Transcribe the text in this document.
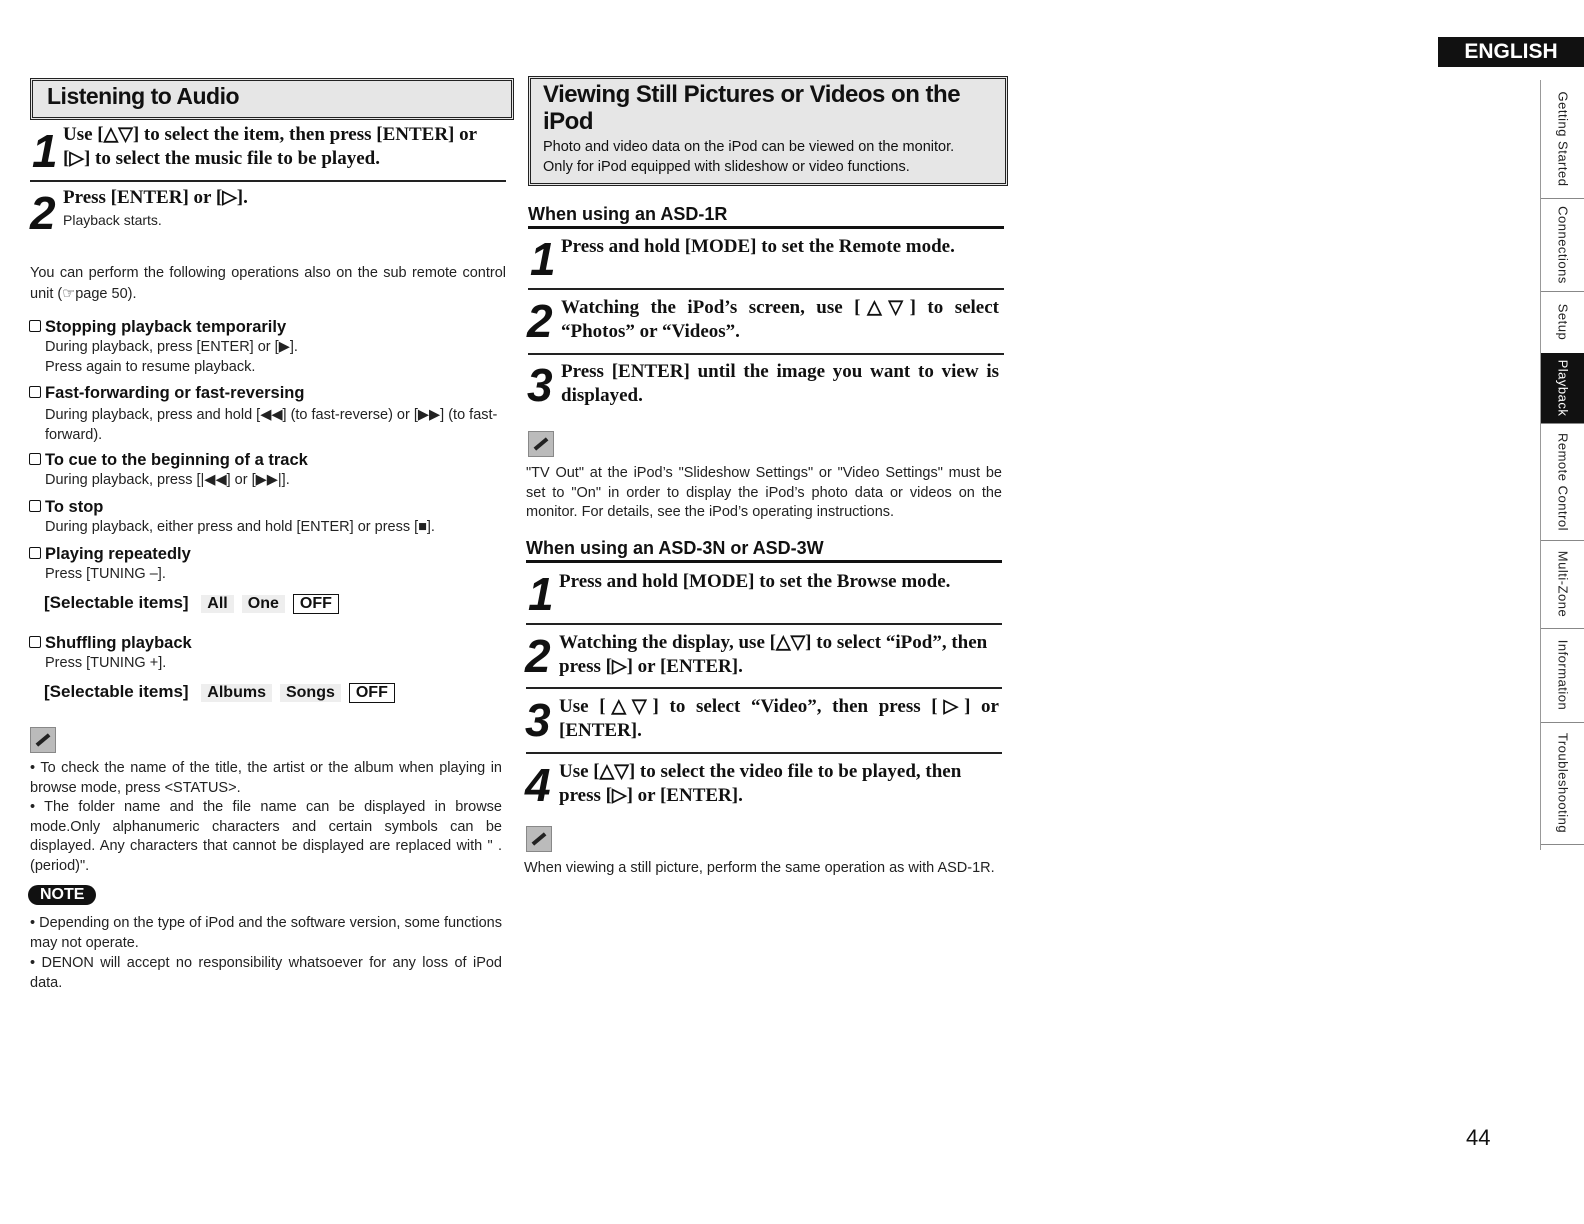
ENGLISH
Getting Started
Connections
Setup
Playback
Remote Control
Multi-Zone
Information
Troubleshooting
Listening to Audio
1 Use [△▽] to select the item, then press [ENTER] or [▷] to select the music file to be played.
2 Press [ENTER] or [▷].
Playback starts.
You can perform the following operations also on the sub remote control unit (☞page 50).
Stopping playback temporarily
During playback, press [ENTER] or [▶].
Press again to resume playback.
Fast-forwarding or fast-reversing
During playback, press and hold [◀◀] (to fast-reverse) or [▶▶] (to fast-forward).
To cue to the beginning of a track
During playback, press [|◀◀] or [▶▶|].
To stop
During playback, either press and hold [ENTER] or press [■].
Playing repeatedly
Press [TUNING –].
[Selectable items] All One OFF
Shuffling playback
Press [TUNING +].
[Selectable items] Albums Songs OFF
• To check the name of the title, the artist or the album when playing in browse mode, press <STATUS>.
• The folder name and the file name can be displayed in browse mode.Only alphanumeric characters and certain symbols can be displayed. Any characters that cannot be displayed are replaced with " . (period)".
NOTE
• Depending on the type of iPod and the software version, some functions may not operate.
• DENON will accept no responsibility whatsoever for any loss of iPod data.
Viewing Still Pictures or Videos on the iPod

Photo and video data on the iPod can be viewed on the monitor.

Only for iPod equipped with slideshow or video functions.

When using an ASD-1R
1 Press and hold [MODE] to set the Remote mode.
2 Watching the iPod’s screen, use [△▽] to select “Photos” or “Videos”.
3 Press [ENTER] until the image you want to view is displayed.
"TV Out" at the iPod’s "Slideshow Settings" or "Video Settings" must be set to "On" in order to display the iPod’s photo data or videos on the monitor. For details, see the iPod’s operating instructions.
When using an ASD-3N or ASD-3W
1 Press and hold [MODE] to set the Browse mode.
2 Watching the display, use [△▽] to select “iPod”, then press [▷] or [ENTER].
3 Use [△▽] to select “Video”, then press [▷] or [ENTER].
4 Use [△▽] to select the video file to be played, then press [▷] or [ENTER].
When viewing a still picture, perform the same operation as with ASD-1R.
44
